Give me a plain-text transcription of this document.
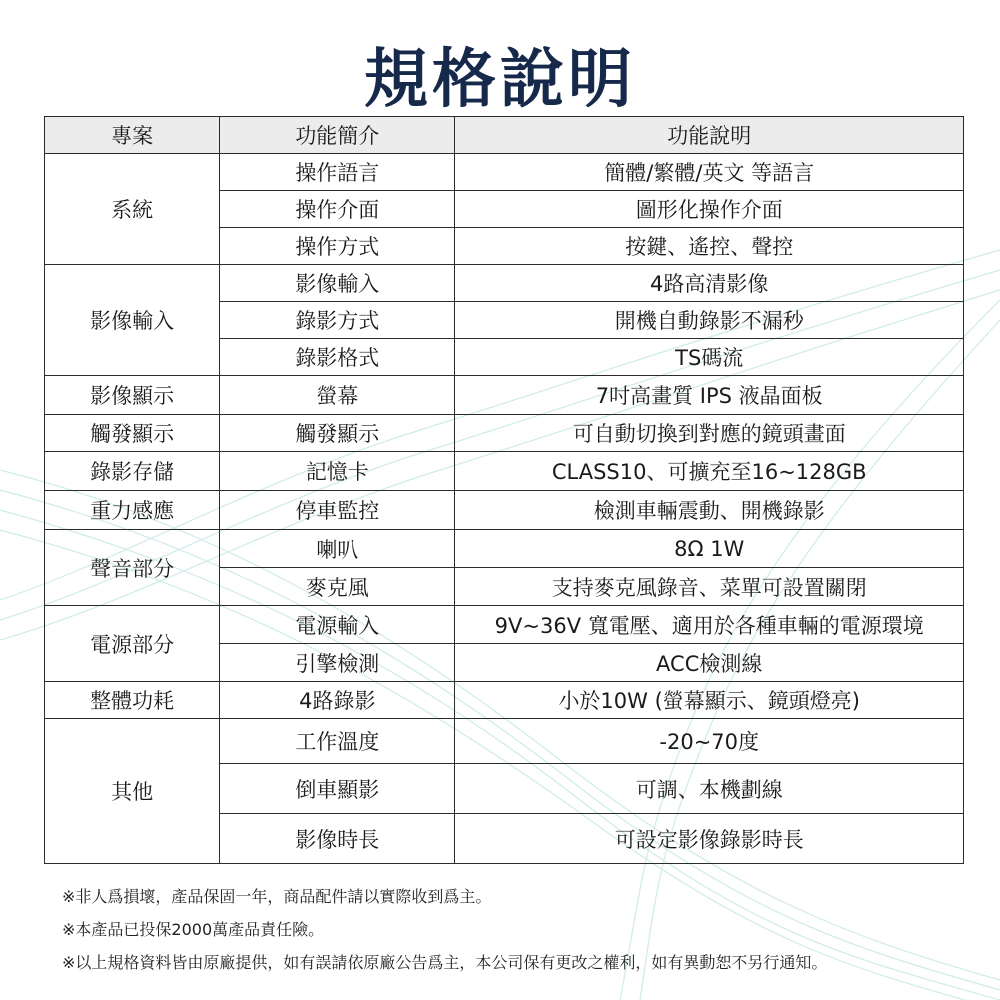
規格說明
專案	功能簡介	功能說明
系統	操作語言	簡體/繁體/英文 等語言
	操作介面	圖形化操作介面
	操作方式	按鍵、遙控、聲控
影像輸入	影像輸入	4路高清影像
	錄影方式	開機自動錄影不漏秒
	錄影格式	TS碼流
影像顯示	螢幕	7吋高畫質 IPS 液晶面板
觸發顯示	觸發顯示	可自動切換到對應的鏡頭畫面
錄影存儲	記憶卡	CLASS10、可擴充至16~128GB
重力感應	停車監控	檢測車輛震動、開機錄影
聲音部分	喇叭	8Ω 1W
	麥克風	支持麥克風錄音、菜單可設置關閉
電源部分	電源輸入	9V~36V 寬電壓、適用於各種車輛的電源環境
	引擎檢測	ACC檢測線
整體功耗	4路錄影	小於10W (螢幕顯示、鏡頭燈亮)
其他	工作溫度	-20~70度
	倒車顯影	可調、本機劃線
	影像時長	可設定影像錄影時長
※非人爲損壞，產品保固一年，商品配件請以實際收到爲主。
※本產品已投保2000萬產品責任險。
※以上規格資料皆由原廠提供，如有誤請依原廠公告爲主，本公司保有更改之權利，如有異動恕不另行通知。
